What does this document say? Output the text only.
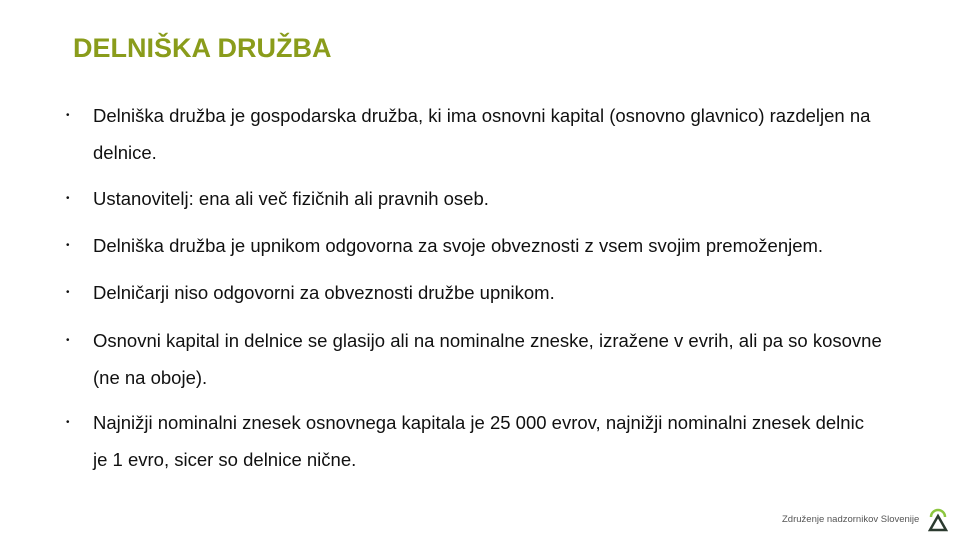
DELNIŠKA DRUŽBA
• Delniška družba je gospodarska družba, ki ima osnovni kapital (osnovno glavnico) razdeljen na delnice.
• Ustanovitelj: ena ali več fizičnih ali pravnih oseb.
• Delniška družba je upnikom odgovorna za svoje obveznosti z vsem svojim premoženjem.
• Delničarji niso odgovorni za obveznosti družbe upnikom.
• Osnovni kapital in delnice se glasijo ali na nominalne zneske, izražene v evrih, ali pa so kosovne (ne na oboje).
• Najnižji nominalni znesek osnovnega kapitala je 25 000 evrov, najnižji nominalni znesek delnic je 1 evro, sicer so delnice nične.
Združenje nadzornikov Slovenije
